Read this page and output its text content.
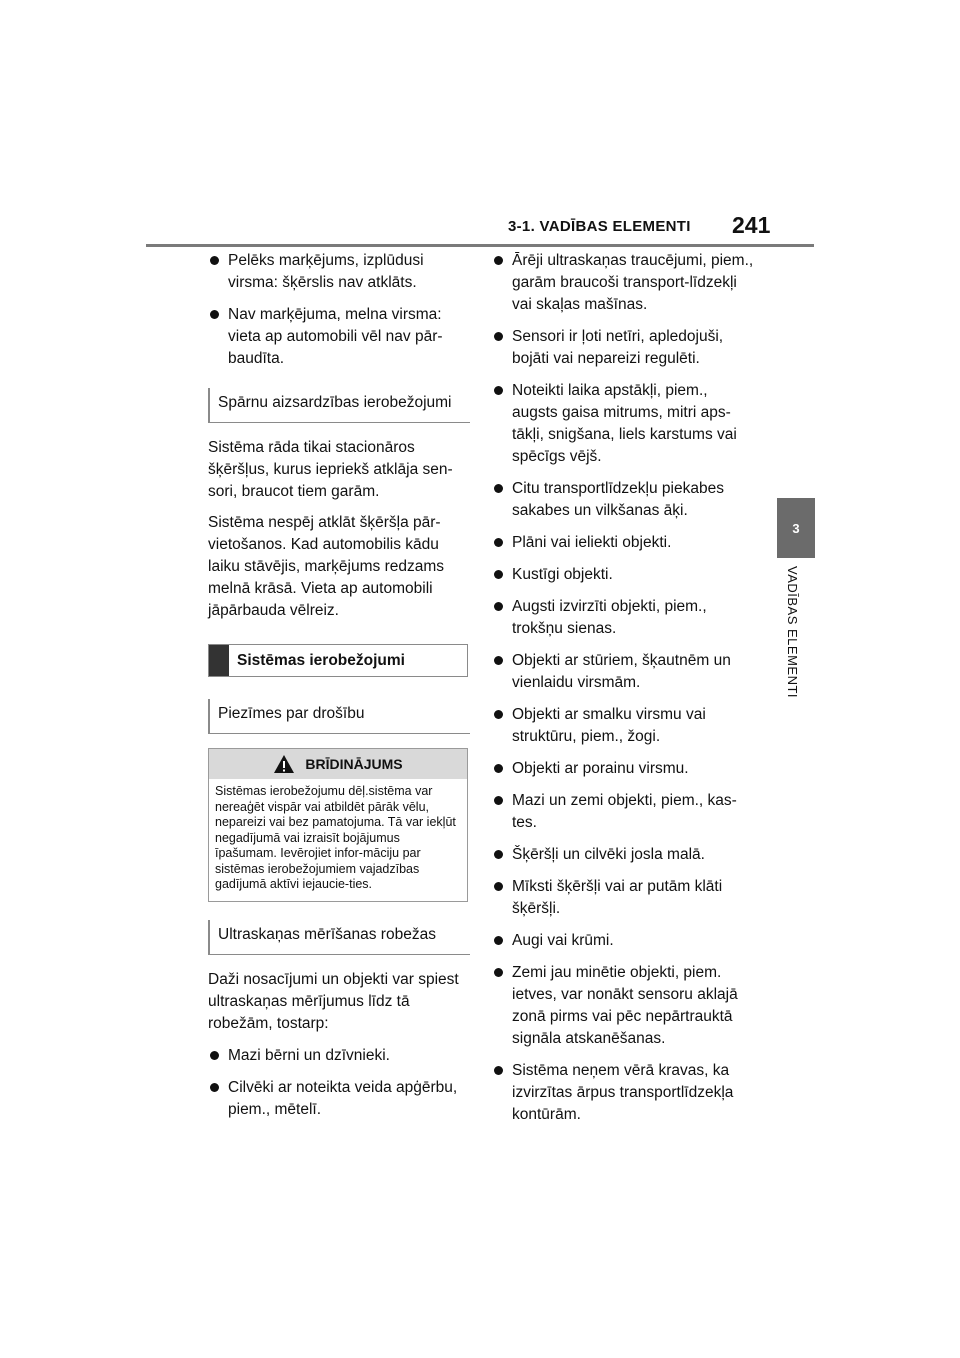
3-1. VADĪBAS ELEMENTI 241
3
VADĪBAS ELEMENTI
Pelēks marķējums, izplūdusi virsma: šķērslis nav atklāts.
Nav marķējuma, melna virsma: vieta ap automobili vēl nav pār-baudīta.
Spārnu aizsardzības ierobežojumi

Sistēma rāda tikai stacionāros šķēršļus, kurus iepriekš atklāja sen-sori, braucot tiem garām.

Sistēma nespēj atklāt šķēršļa pār-vietošanos. Kad automobilis kādu laiku stāvējis, marķējums redzams melnā krāsā. Vieta ap automobili jāpārbauda vēlreiz.

Sistēmas ierobežojumi
Piezīmes par drošību
BRĪDINĀJUMS
Sistēmas ierobežojumu dēļ.sistēma var nereaģēt vispār vai atbildēt pārāk vēlu, nepareizi vai bez pamatojuma. Tā var iekļūt negadījumā vai izraisīt bojājumus īpašumam. Ievērojiet infor-māciju par sistēmas ierobežojumiem vajadzības gadījumā aktīvi iejaucie-ties.
Ultraskaņas mērīšanas robežas

Daži nosacījumi un objekti var spiest ultraskaņas mērījumus līdz tā robežām, tostarp:

Mazi bērni un dzīvnieki.
Cilvēki ar noteikta veida apģērbu, piem., mētelī.
Ārēji ultraskaņas traucējumi, piem., garām braucoši transport-līdzekļi vai skaļas mašīnas.
Sensori ir ļoti netīri, apledojuši, bojāti vai nepareizi regulēti.
Noteikti laika apstākļi, piem., augsts gaisa mitrums, mitri aps-tākļi, snigšana, liels karstums vai spēcīgs vējš.
Citu transportlīdzekļu piekabes sakabes un vilkšanas āķi.
Plāni vai ieliekti objekti.
Kustīgi objekti.
Augsti izvirzīti objekti, piem., trokšņu sienas.
Objekti ar stūriem, šķautnēm un vienlaidu virsmām.
Objekti ar smalku virsmu vai struktūru, piem., žogi.
Objekti ar porainu virsmu.
Mazi un zemi objekti, piem., kas-tes.
Šķēršļi un cilvēki josla malā.
Mīksti šķēršļi vai ar putām klāti šķēršļi.
Augi vai krūmi.
Zemi jau minētie objekti, piem. ietves, var nonākt sensoru aklajā zonā pirms vai pēc nepārtrauktā signāla atskanēšanas.
Sistēma neņem vērā kravas, ka izvirzītas ārpus transportlīdzekļa kontūrām.
